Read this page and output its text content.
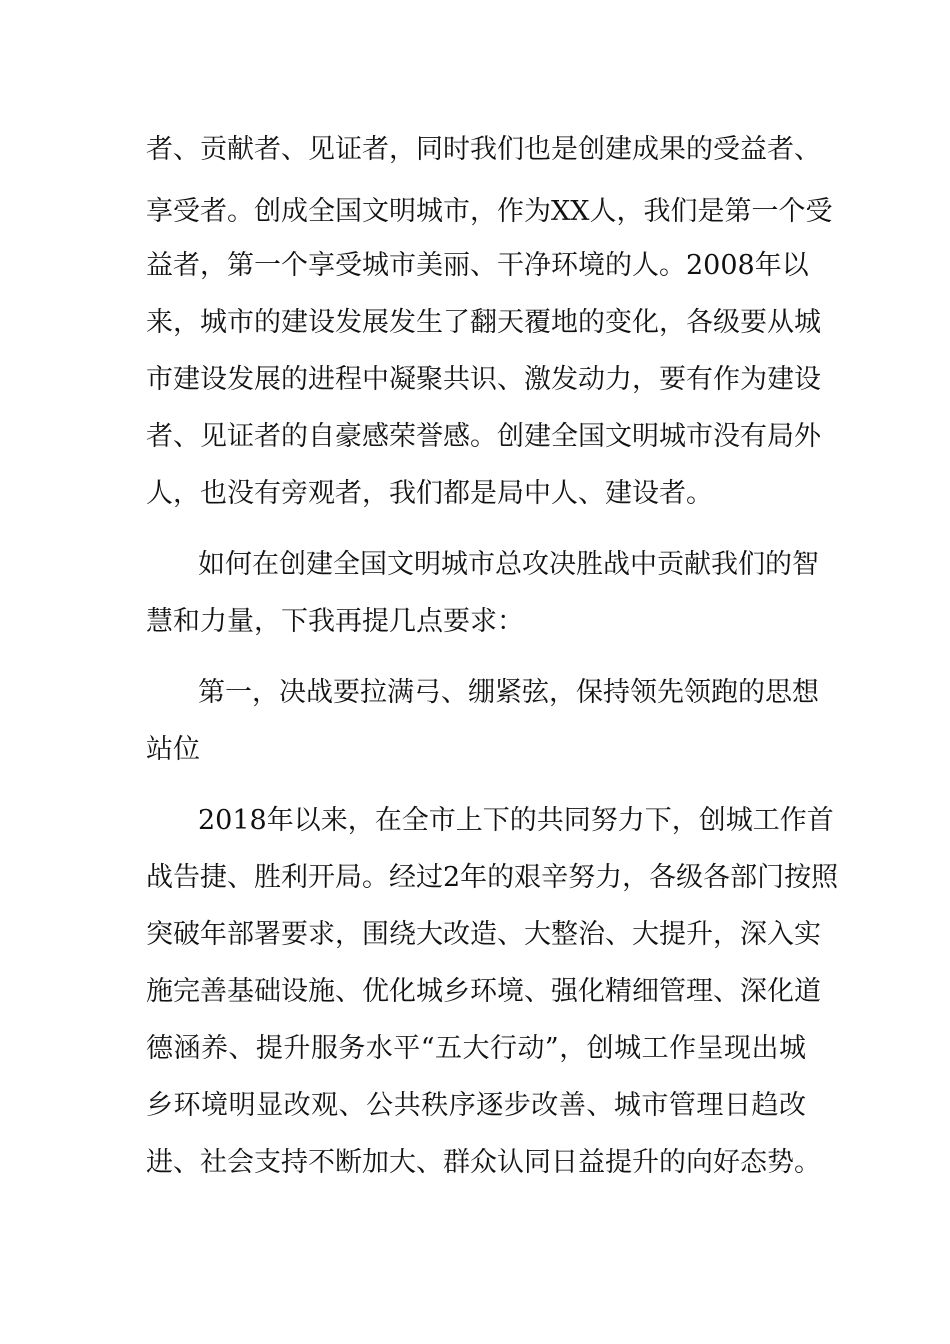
者、贡献者、见证者，同时我们也是创建成果的受益者、
享受者。创成全国文明城市，作为XX人，我们是第一个受
益者，第一个享受城市美丽、干净环境的人。2008年以
来，城市的建设发展发生了翻天覆地的变化，各级要从城
市建设发展的进程中凝聚共识、激发动力，要有作为建设
者、见证者的自豪感荣誉感。创建全国文明城市没有局外
人，也没有旁观者，我们都是局中人、建设者。
如何在创建全国文明城市总攻决胜战中贡献我们的智
慧和力量，下我再提几点要求：
第一，决战要拉满弓、绷紧弦，保持领先领跑的思想
站位
2018年以来，在全市上下的共同努力下，创城工作首
战告捷、胜利开局。经过2年的艰辛努力，各级各部门按照
突破年部署要求，围绕大改造、大整治、大提升，深入实
施完善基础设施、优化城乡环境、强化精细管理、深化道
德涵养、提升服务水平“五大行动”，创城工作呈现出城
乡环境明显改观、公共秩序逐步改善、城市管理日趋改
进、社会支持不断加大、群众认同日益提升的向好态势。
